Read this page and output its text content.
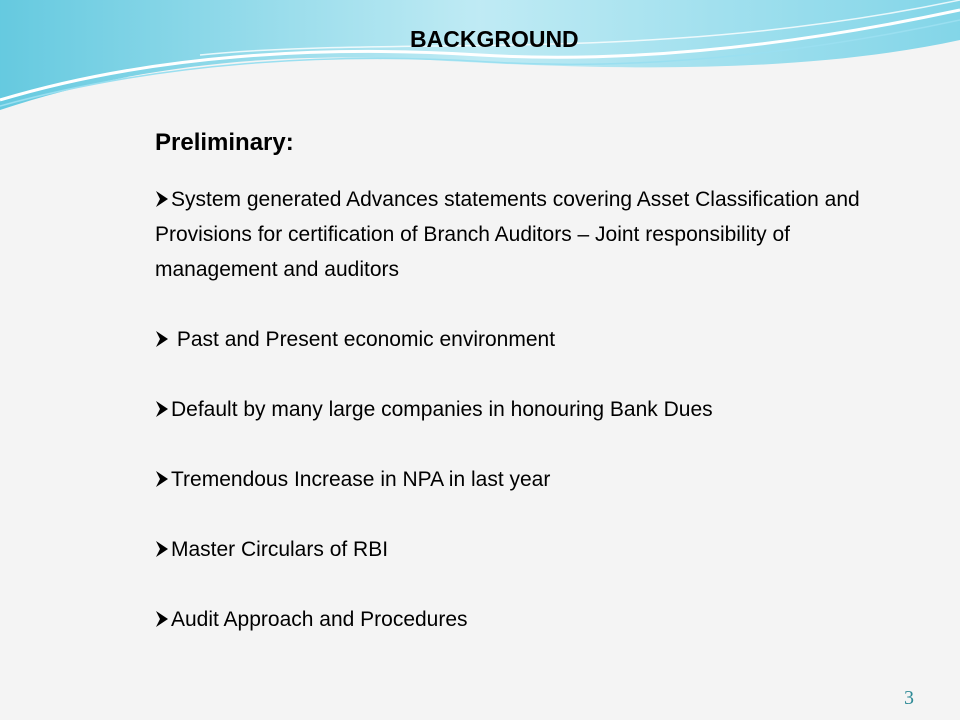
BACKGROUND
Preliminary:
System generated Advances statements covering Asset Classification and Provisions for certification of Branch Auditors – Joint responsibility of management and auditors
Past and Present economic environment
Default by many large companies in honouring Bank Dues
Tremendous Increase in NPA in last year
Master Circulars of RBI
Audit Approach and Procedures
3
